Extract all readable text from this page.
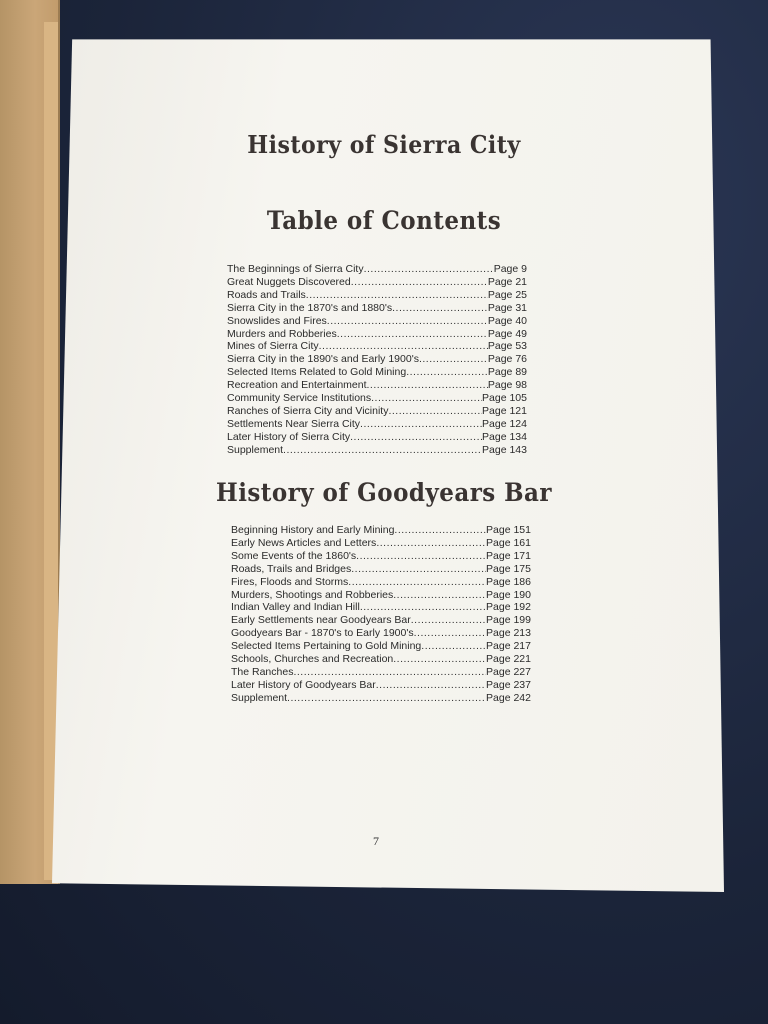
History of Sierra City
Table of Contents
The Beginnings of Sierra City .....	Page 9
Great Nuggets Discovered .....	Page 21
Roads and Trails .....	Page 25
Sierra City in the 1870's and 1880's .....	Page 31
Snowslides and Fires .....	Page 40
Murders and Robberies .....	Page 49
Mines of Sierra City .....	Page 53
Sierra City in the 1890's and Early 1900's .....	Page 76
Selected Items Related to Gold Mining .....	Page 89
Recreation and Entertainment .....	Page 98
Community Service Institutions .....	Page 105
Ranches of Sierra City and Vicinity .....	Page 121
Settlements Near Sierra City .....	Page 124
Later History of Sierra City .....	Page 134
Supplement .....	Page 143
History of Goodyears Bar
Beginning History and Early Mining .....	Page 151
Early News Articles and Letters .....	Page 161
Some Events of the 1860's .....	Page 171
Roads, Trails and Bridges .....	Page 175
Fires, Floods and Storms .....	Page 186
Murders, Shootings and Robberies .....	Page 190
Indian Valley and Indian Hill .....	Page 192
Early Settlements near Goodyears Bar .....	Page 199
Goodyears Bar - 1870's to Early 1900's .....	Page 213
Selected Items Pertaining to Gold Mining .....	Page 217
Schools, Churches and Recreation .....	Page 221
The Ranches .....	Page 227
Later History of Goodyears Bar .....	Page 237
Supplement .....	Page 242
7
